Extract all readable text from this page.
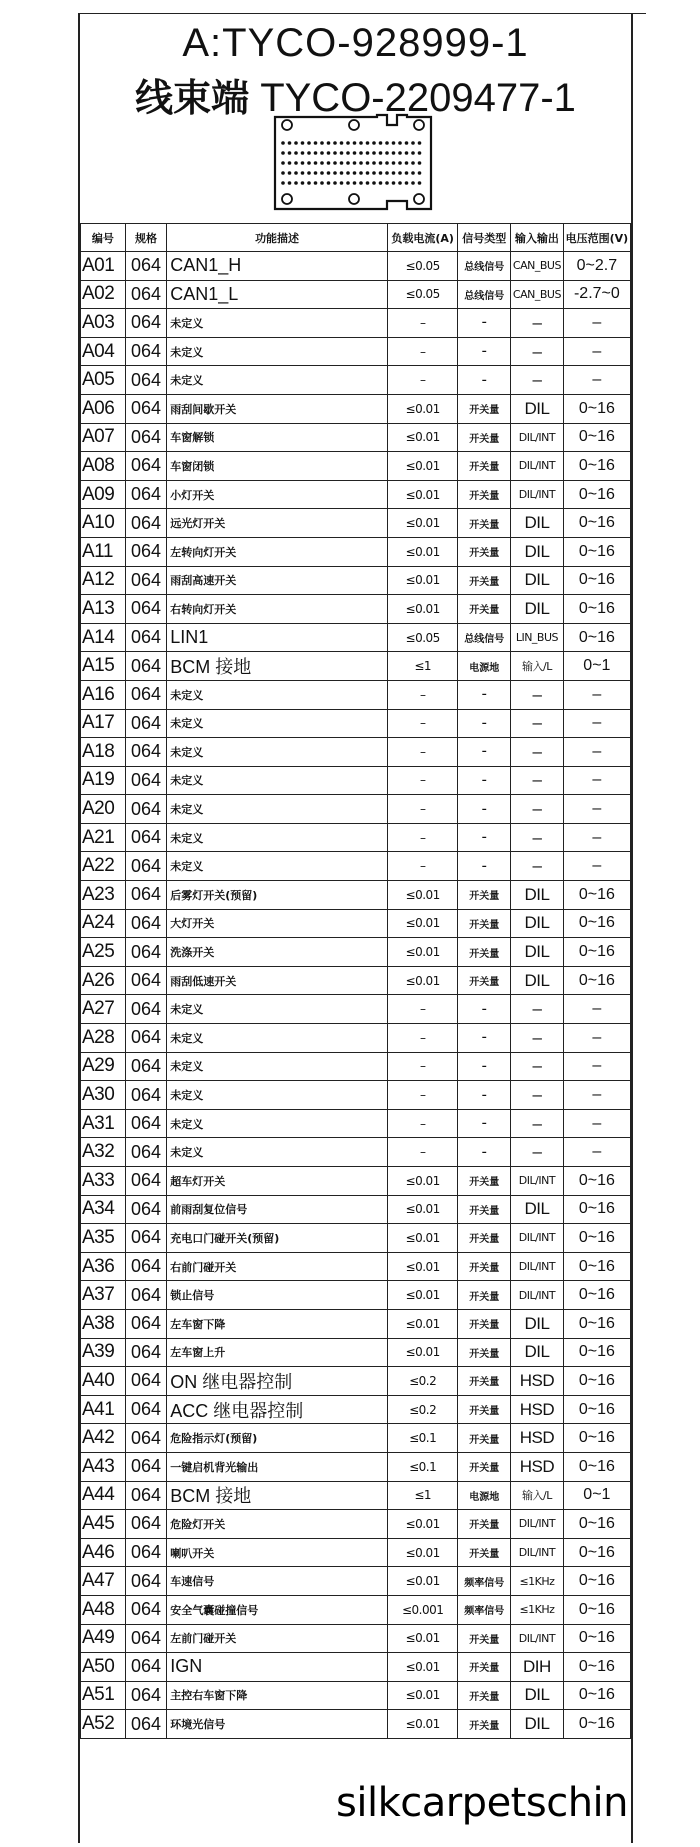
A:TYCO-928999-1
线束端 TYCO-2209477-1
编号	规格	功能描述	负载电流(A)	信号类型	输入输出	电压范围(V)
A01	064	CAN1_H	≤0.05	总线信号	CAN_BUS	0~2.7
A02	064	CAN1_L	≤0.05	总线信号	CAN_BUS	-2.7~0
A03	064	未定义	–	–	–	–
A04	064	未定义	–	–	–	–
A05	064	未定义	–	–	–	–
A06	064	雨刮间歇开关	≤0.01	开关量	DIL	0~16
A07	064	车窗解锁	≤0.01	开关量	DIL/INT	0~16
A08	064	车窗闭锁	≤0.01	开关量	DIL/INT	0~16
A09	064	小灯开关	≤0.01	开关量	DIL/INT	0~16
A10	064	远光灯开关	≤0.01	开关量	DIL	0~16
A11	064	左转向灯开关	≤0.01	开关量	DIL	0~16
A12	064	雨刮高速开关	≤0.01	开关量	DIL	0~16
A13	064	右转向灯开关	≤0.01	开关量	DIL	0~16
A14	064	LIN1	≤0.05	总线信号	LIN_BUS	0~16
A15	064	BCM 接地	≤1	电源地	输入/L	0~1
A16	064	未定义	–	–	–	–
A17	064	未定义	–	–	–	–
A18	064	未定义	–	–	–	–
A19	064	未定义	–	–	–	–
A20	064	未定义	–	–	–	–
A21	064	未定义	–	–	–	–
A22	064	未定义	–	–	–	–
A23	064	后雾灯开关(预留)	≤0.01	开关量	DIL	0~16
A24	064	大灯开关	≤0.01	开关量	DIL	0~16
A25	064	洗涤开关	≤0.01	开关量	DIL	0~16
A26	064	雨刮低速开关	≤0.01	开关量	DIL	0~16
A27	064	未定义	–	–	–	–
A28	064	未定义	–	–	–	–
A29	064	未定义	–	–	–	–
A30	064	未定义	–	–	–	–
A31	064	未定义	–	–	–	–
A32	064	未定义	–	–	–	–
A33	064	超车灯开关	≤0.01	开关量	DIL/INT	0~16
A34	064	前雨刮复位信号	≤0.01	开关量	DIL	0~16
A35	064	充电口门碰开关(预留)	≤0.01	开关量	DIL/INT	0~16
A36	064	右前门碰开关	≤0.01	开关量	DIL/INT	0~16
A37	064	锁止信号	≤0.01	开关量	DIL/INT	0~16
A38	064	左车窗下降	≤0.01	开关量	DIL	0~16
A39	064	左车窗上升	≤0.01	开关量	DIL	0~16
A40	064	ON 继电器控制	≤0.2	开关量	HSD	0~16
A41	064	ACC 继电器控制	≤0.2	开关量	HSD	0~16
A42	064	危险指示灯(预留)	≤0.1	开关量	HSD	0~16
A43	064	一键启机背光输出	≤0.1	开关量	HSD	0~16
A44	064	BCM 接地	≤1	电源地	输入/L	0~1
A45	064	危险灯开关	≤0.01	开关量	DIL/INT	0~16
A46	064	喇叭开关	≤0.01	开关量	DIL/INT	0~16
A47	064	车速信号	≤0.01	频率信号	≤1KHz	0~16
A48	064	安全气囊碰撞信号	≤0.001	频率信号	≤1KHz	0~16
A49	064	左前门碰开关	≤0.01	开关量	DIL/INT	0~16
A50	064	IGN	≤0.01	开关量	DIH	0~16
A51	064	主控右车窗下降	≤0.01	开关量	DIL	0~16
A52	064	环境光信号	≤0.01	开关量	DIL	0~16
silkcarpetschin
